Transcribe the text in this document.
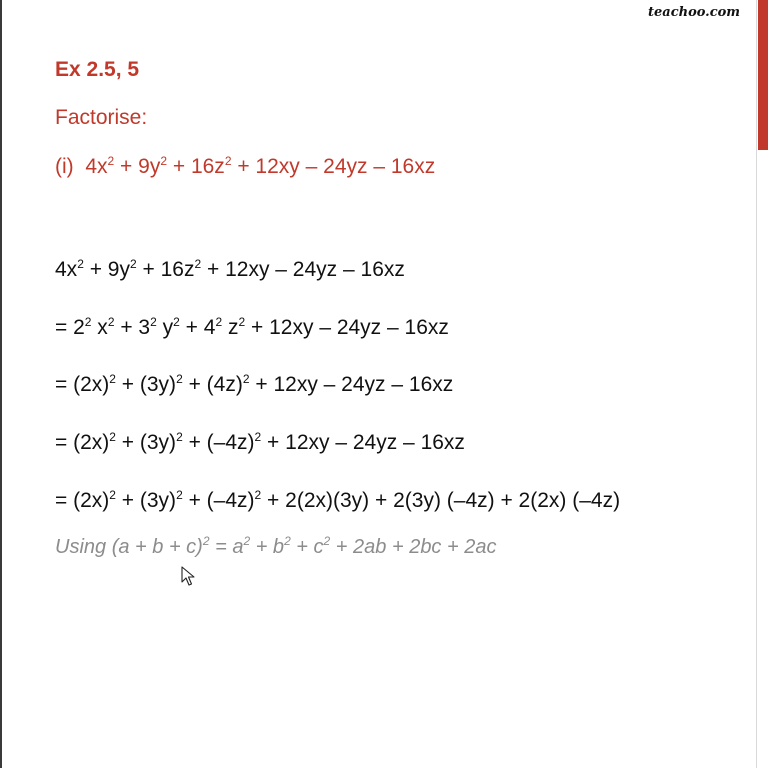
teachoo.com
Ex 2.5, 5
Factorise:
(i) $4x^2 + 9y^2 + 16z^2 + 12xy - 24yz - 16xz$
$4x^2 + 9y^2 + 16z^2 + 12xy - 24yz - 16xz$
= $2^2$ $x^2 + 3^2$ $y^2 + 4^2$ $z^2 + 12xy - 24yz - 16xz$
= $(2x)^2 + (3y)^2 + (4z)^2 + 12xy - 24yz - 16xz$
= $(2x)^2 + (3y)^2 + (-4z)^2 + 12xy - 24yz - 16xz$
= $(2x)^2 + (3y)^2 + (-4z)^2 + 2(2x)(3y) + 2(3y) (-4z) + 2(2x)$ (–4z)
Using $(a + b + c)^2 = a^2 + b^2 + c^2 + 2ab + 2bc + 2ac$
